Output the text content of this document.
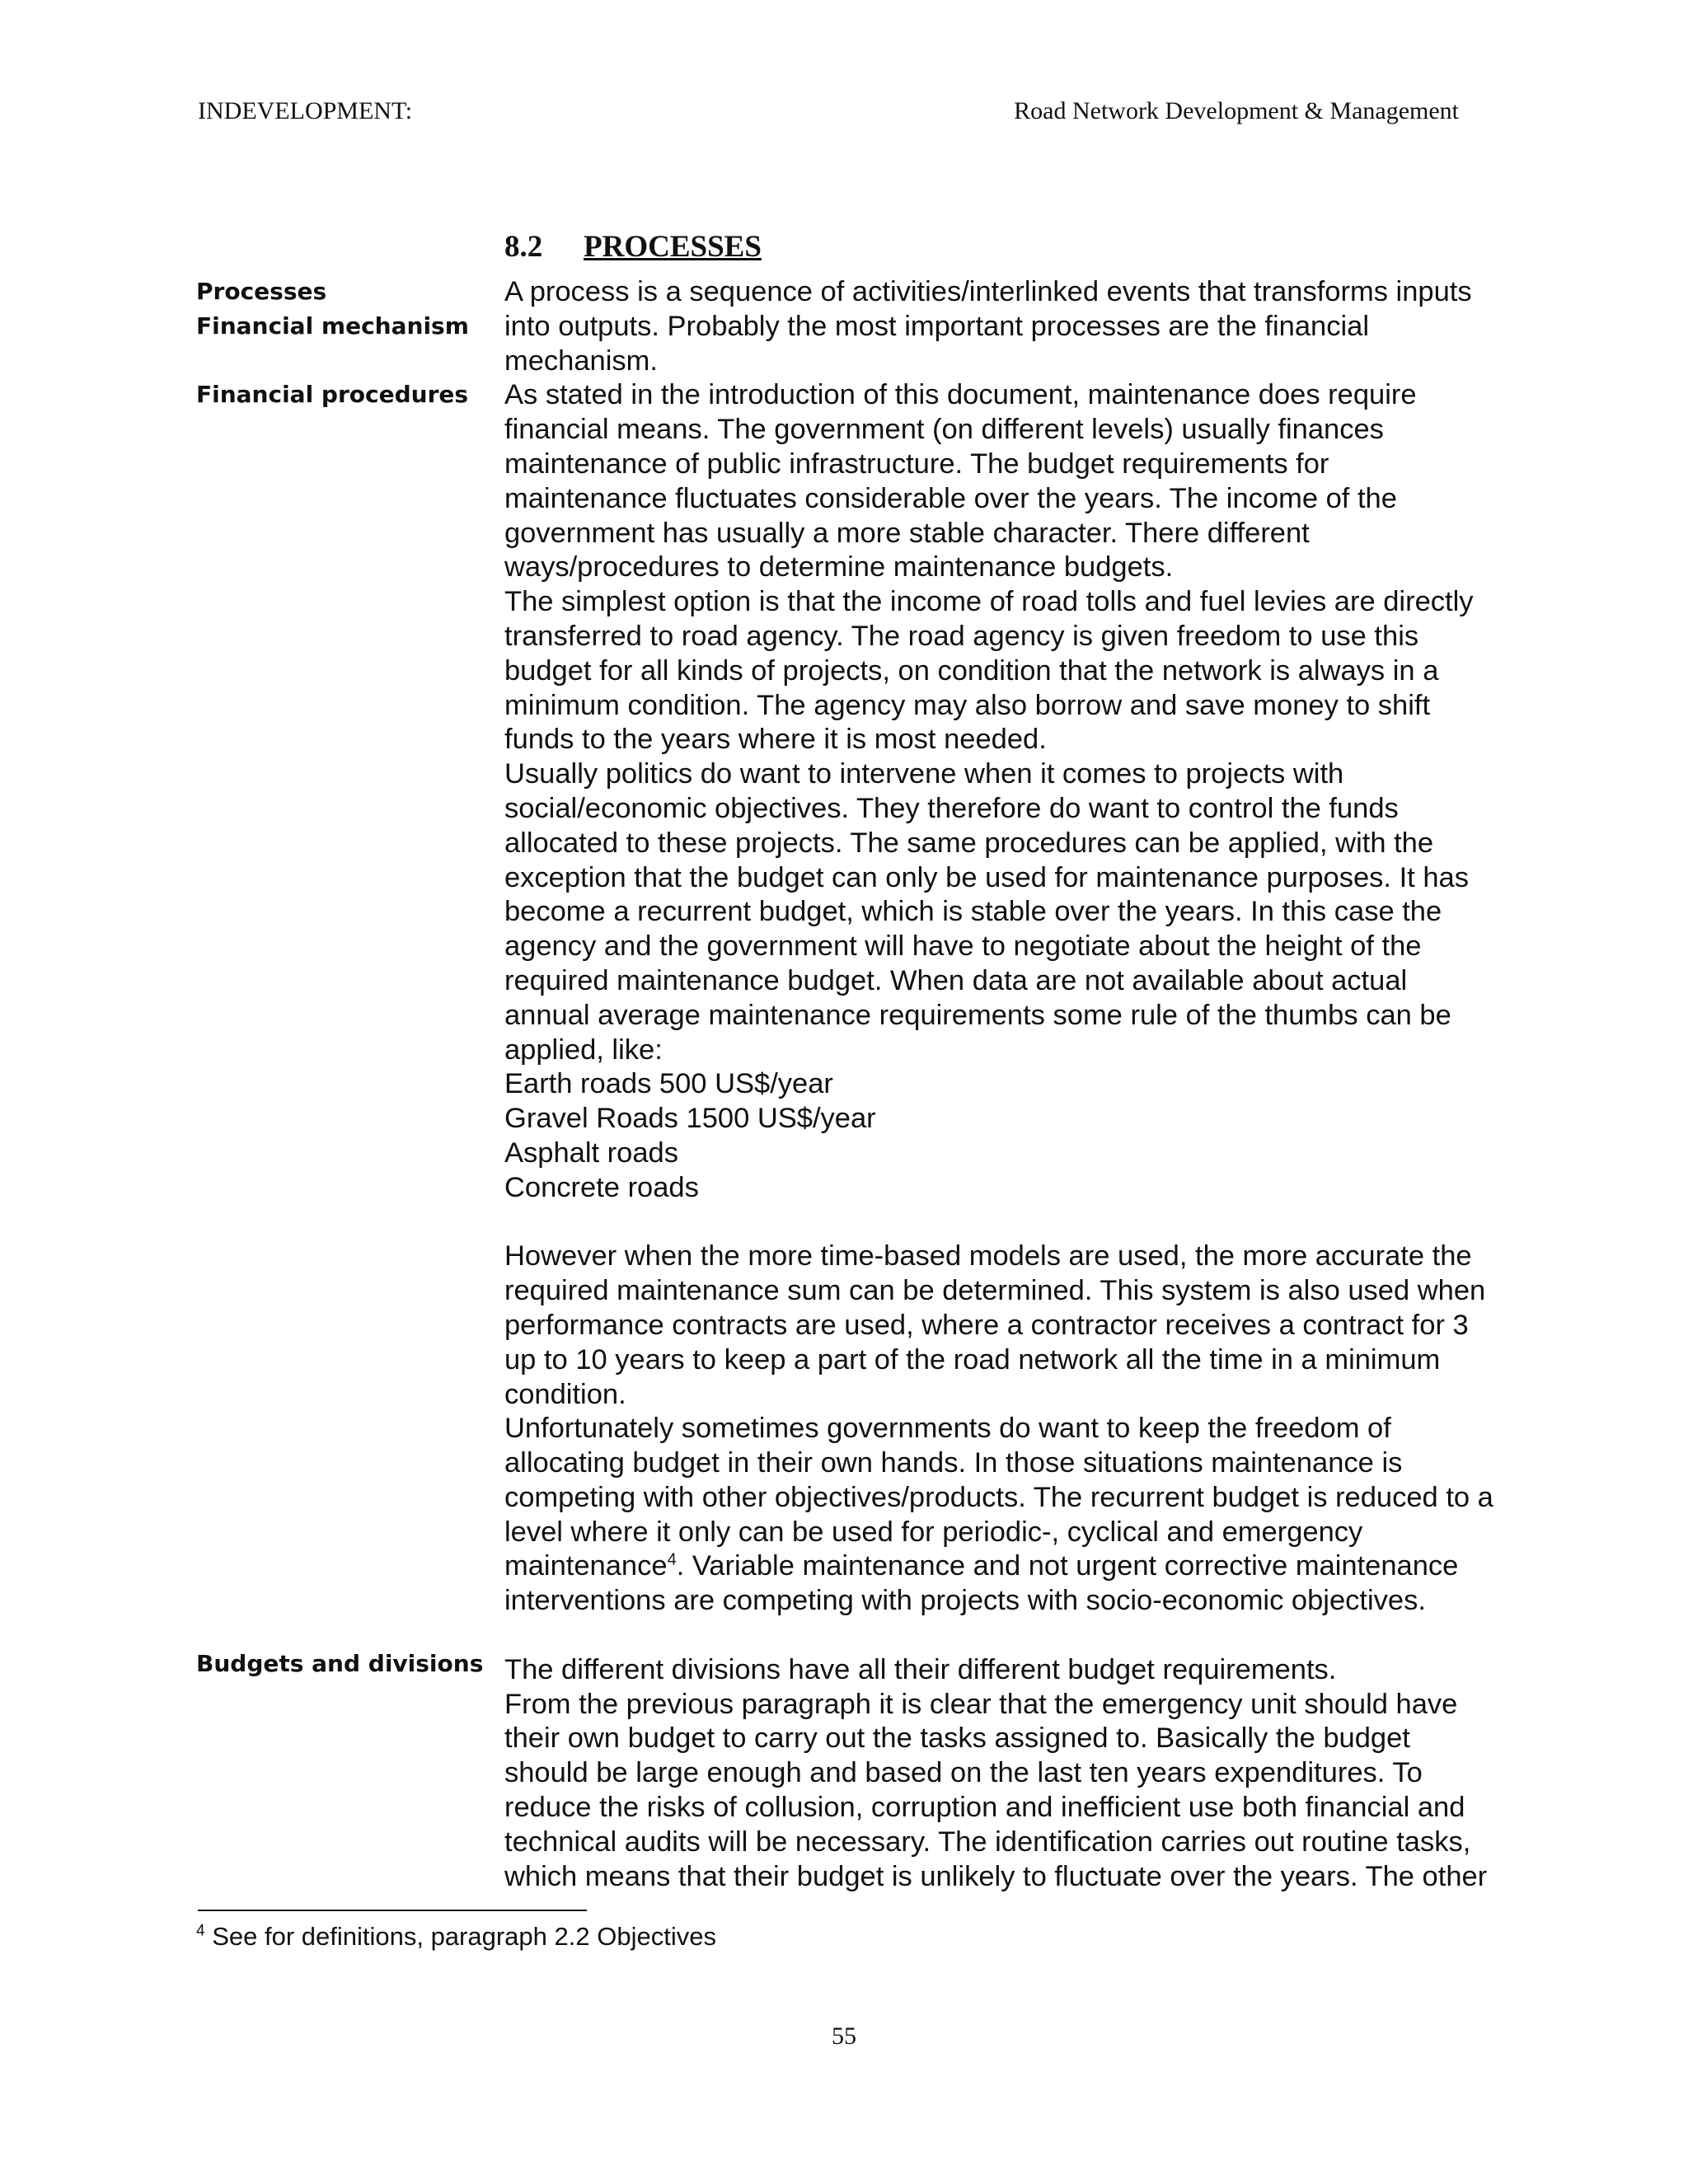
INDEVELOPMENT:	Road Network Development & Management
8.2 PROCESSES
Processes
Financial mechanism
Financial procedures
Budgets and divisions
A process is a sequence of activities/interlinked events that transforms inputs
into outputs. Probably the most important processes are the financial
mechanism.
As stated in the introduction of this document, maintenance does require
financial means. The government (on different levels) usually finances
maintenance of public infrastructure. The budget requirements for
maintenance fluctuates considerable over the years. The income of the
government has usually a more stable character. There different
ways/procedures to determine maintenance budgets.
The simplest option is that the income of road tolls and fuel levies are directly
transferred to road agency. The road agency is given freedom to use this
budget for all kinds of projects, on condition that the network is always in a
minimum condition. The agency may also borrow and save money to shift
funds to the years where it is most needed.
Usually politics do want to intervene when it comes to projects with
social/economic objectives. They therefore do want to control the funds
allocated to these projects. The same procedures can be applied, with the
exception that the budget can only be used for maintenance purposes. It has
become a recurrent budget, which is stable over the years. In this case the
agency and the government will have to negotiate about the height of the
required maintenance budget. When data are not available about actual
annual average maintenance requirements some rule of the thumbs can be
applied, like:
Earth roads 500 US$/year
Gravel Roads 1500 US$/year
Asphalt roads
Concrete roads
However when the more time-based models are used, the more accurate the
required maintenance sum can be determined. This system is also used when
performance contracts are used, where a contractor receives a contract for 3
up to 10 years to keep a part of the road network all the time in a minimum
condition.
Unfortunately sometimes governments do want to keep the freedom of
allocating budget in their own hands. In those situations maintenance is
competing with other objectives/products. The recurrent budget is reduced to a
level where it only can be used for periodic-, cyclical and emergency
maintenance$^4$. Variable maintenance and not urgent corrective maintenance
interventions are competing with projects with socio-economic objectives.
The different divisions have all their different budget requirements.
From the previous paragraph it is clear that the emergency unit should have
their own budget to carry out the tasks assigned to. Basically the budget
should be large enough and based on the last ten years expenditures. To
reduce the risks of collusion, corruption and inefficient use both financial and
technical audits will be necessary. The identification carries out routine tasks,
which means that their budget is unlikely to fluctuate over the years. The other
$^4$ See for definitions, paragraph 2.2 Objectives
55
